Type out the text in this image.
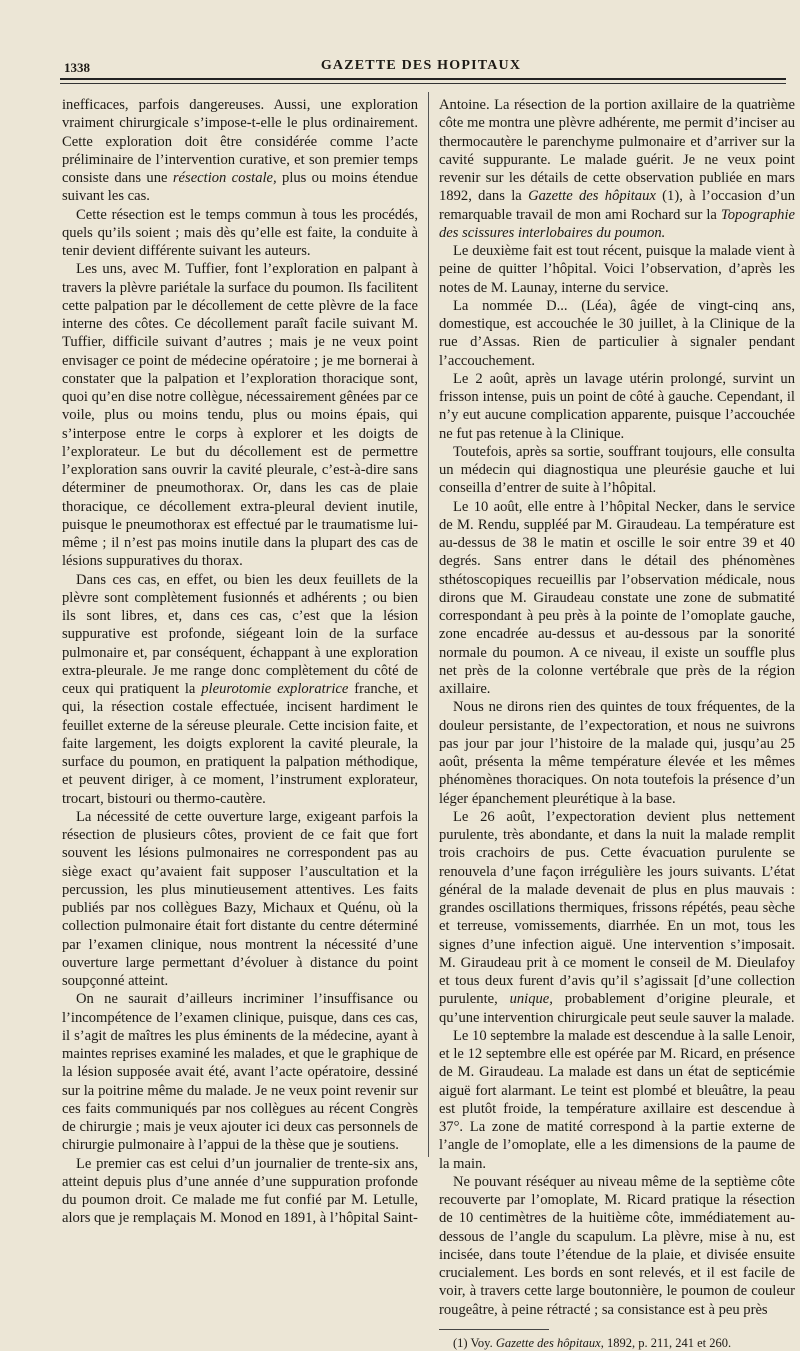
1338	GAZETTE DES HOPITAUX

inefficaces, parfois dangereuses. Aussi, une exploration vraiment chirurgicale s’impose-t-elle le plus ordinairement. Cette exploration doit être considérée comme l’acte préliminaire de l’intervention curative, et son premier temps consiste dans une résection costale, plus ou moins étendue suivant les cas.

Cette résection est le temps commun à tous les procédés, quels qu’ils soient ; mais dès qu’elle est faite, la conduite à tenir devient différente suivant les auteurs.

Les uns, avec M. Tuffier, font l’exploration en palpant à travers la plèvre pariétale la surface du poumon. Ils facilitent cette palpation par le décollement de cette plèvre de la face interne des côtes. Ce décollement paraît facile suivant M. Tuffier, difficile suivant d’autres ; mais je ne veux point envisager ce point de médecine opératoire ; je me bornerai à constater que la palpation et l’exploration thoracique sont, quoi qu’en dise notre collègue, nécessairement gênées par ce voile, plus ou moins tendu, plus ou moins épais, qui s’interpose entre le corps à explorer et les doigts de l’explorateur. Le but du décollement est de permettre l’exploration sans ouvrir la cavité pleurale, c’est-à-dire sans déterminer de pneumothorax. Or, dans les cas de plaie thoracique, ce décollement extra-pleural devient inutile, puisque le pneumothorax est effectué par le traumatisme lui-même ; il n’est pas moins inutile dans la plupart des cas de lésions suppuratives du thorax.

Dans ces cas, en effet, ou bien les deux feuillets de la plèvre sont complètement fusionnés et adhérents ; ou bien ils sont libres, et, dans ces cas, c’est que la lésion suppurative est profonde, siégeant loin de la surface pulmonaire et, par conséquent, échappant à une exploration extra-pleurale. Je me range donc complètement du côté de ceux qui pratiquent la pleurotomie exploratrice franche, et qui, la résection costale effectuée, incisent hardiment le feuillet externe de la séreuse pleurale. Cette incision faite, et faite largement, les doigts explorent la cavité pleurale, la surface du poumon, en pratiquent la palpation méthodique, et peuvent diriger, à ce moment, l’instrument explorateur, trocart, bistouri ou thermo-cautère.

La nécessité de cette ouverture large, exigeant parfois la résection de plusieurs côtes, provient de ce fait que fort souvent les lésions pulmonaires ne correspondent pas au siège exact qu’avaient fait supposer l’auscultation et la percussion, les plus minutieusement attentives. Les faits publiés par nos collègues Bazy, Michaux et Quénu, où la collection pulmonaire était fort distante du centre déterminé par l’examen clinique, nous montrent la nécessité d’une ouverture large permettant d’évoluer à distance du point soupçonné atteint.

On ne saurait d’ailleurs incriminer l’insuffisance ou l’incompétence de l’examen clinique, puisque, dans ces cas, il s’agit de maîtres les plus éminents de la médecine, ayant à maintes reprises examiné les malades, et que le graphique de la lésion supposée avait été, avant l’acte opératoire, dessiné sur la poitrine même du malade. Je ne veux point revenir sur ces faits communiqués par nos collègues au récent Congrès de chirurgie ; mais je veux ajouter ici deux cas personnels de chirurgie pulmonaire à l’appui de la thèse que je soutiens.

Le premier cas est celui d’un journalier de trente-six ans, atteint depuis plus d’une année d’une suppuration profonde du poumon droit. Ce malade me fut confié par M. Letulle, alors que je remplaçais M. Monod en 1891, à l’hôpital Saint-

Antoine. La résection de la portion axillaire de la quatrième côte me montra une plèvre adhérente, me permit d’inciser au thermocautère le parenchyme pulmonaire et d’arriver sur la cavité suppurante. Le malade guérit. Je ne veux point revenir sur les détails de cette observation publiée en mars 1892, dans la Gazette des hôpitaux (1), à l’occasion d’un remarquable travail de mon ami Rochard sur la Topographie des scissures interlobaires du poumon.

Le deuxième fait est tout récent, puisque la malade vient à peine de quitter l’hôpital. Voici l’observation, d’après les notes de M. Launay, interne du service.

La nommée D... (Léa), âgée de vingt-cinq ans, domestique, est accouchée le 30 juillet, à la Clinique de la rue d’Assas. Rien de particulier à signaler pendant l’accouchement.

Le 2 août, après un lavage utérin prolongé, survint un frisson intense, puis un point de côté à gauche. Cependant, il n’y eut aucune complication apparente, puisque l’accouchée ne fut pas retenue à la Clinique.

Toutefois, après sa sortie, souffrant toujours, elle consulta un médecin qui diagnostiqua une pleurésie gauche et lui conseilla d’entrer de suite à l’hôpital.

Le 10 août, elle entre à l’hôpital Necker, dans le service de M. Rendu, suppléé par M. Giraudeau. La température est au-dessus de 38 le matin et oscille le soir entre 39 et 40 degrés. Sans entrer dans le détail des phénomènes sthétoscopiques recueillis par l’observation médicale, nous dirons que M. Giraudeau constate une zone de submatité correspondant à peu près à la pointe de l’omoplate gauche, zone encadrée au-dessus et au-dessous par la sonorité normale du poumon. A ce niveau, il existe un souffle plus net près de la colonne vertébrale que près de la région axillaire.

Nous ne dirons rien des quintes de toux fréquentes, de la douleur persistante, de l’expectoration, et nous ne suivrons pas jour par jour l’histoire de la malade qui, jusqu’au 25 août, présenta la même température élevée et les mêmes phénomènes thoraciques. On nota toutefois la présence d’un léger épanchement pleurétique à la base.

Le 26 août, l’expectoration devient plus nettement purulente, très abondante, et dans la nuit la malade remplit trois crachoirs de pus. Cette évacuation purulente se renouvela d’une façon irrégulière les jours suivants. L’état général de la malade devenait de plus en plus mauvais : grandes oscillations thermiques, frissons répétés, peau sèche et terreuse, vomissements, diarrhée. En un mot, tous les signes d’une infection aiguë. Une intervention s’imposait. M. Giraudeau prit à ce moment le conseil de M. Dieulafoy et tous deux furent d’avis qu’il s’agissait [d’une collection purulente, unique, probablement d’origine pleurale, et qu’une intervention chirurgicale peut seule sauver la malade.

Le 10 septembre la malade est descendue à la salle Lenoir, et le 12 septembre elle est opérée par M. Ricard, en présence de M. Giraudeau. La malade est dans un état de septicémie aiguë fort alarmant. Le teint est plombé et bleuâtre, la peau est plutôt froide, la température axillaire est descendue à 37°. La zone de matité correspond à la partie externe de l’angle de l’omoplate, elle a les dimensions de la paume de la main.

Ne pouvant réséquer au niveau même de la septième côte recouverte par l’omoplate, M. Ricard pratique la résection de 10 centimètres de la huitième côte, immédiatement au-dessous de l’angle du scapulum. La plèvre, mise à nu, est incisée, dans toute l’étendue de la plaie, et divisée ensuite crucialement. Les bords en sont relevés, et il est facile de voir, à travers cette large boutonnière, le poumon de couleur rougeâtre, à peine rétracté ; sa consistance est à peu près

(1) Voy. Gazette des hôpitaux, 1892, p. 211, 241 et 260.
